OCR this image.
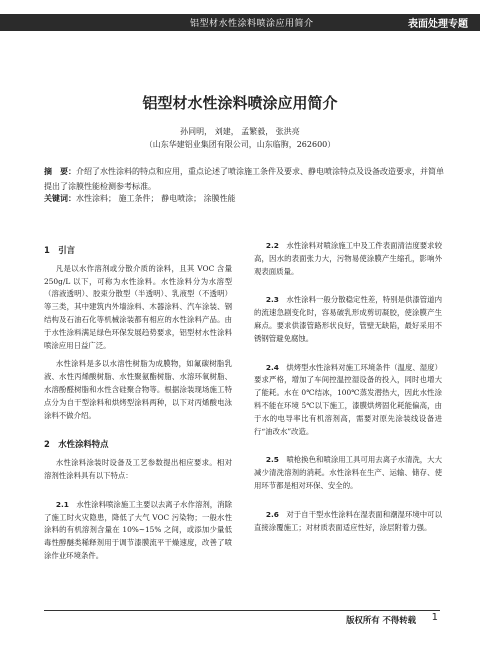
铝型材水性涂料喷涂应用简介	表面处理专题
铝型材水性涂料喷涂应用简介
孙同明， 刘建， 孟繁毅， 张洪亮
（山东华建铝业集团有限公司，山东临朐，262600）
摘　要：介绍了水性涂料的特点和应用，重点论述了喷涂施工条件及要求、静电喷涂特点及设备改造要求，并简单提出了涂膜性能检测参考标准。
关键词：水性涂料； 施工条件； 静电喷涂； 涂膜性能
1　引言

凡是以水作溶剂或分散介质的涂料，且其 VOC 含量 250g/L 以下，可称为水性涂料。水性涂料分为水溶型（溶液透明）、胶束分散型（半透明）、乳液型（不透明）等三类，其中建筑内外墙涂料、木器涂料、汽车涂装、钢结构及石油石化等机械涂装都有相应的水性涂料产品。由于水性涂料满足绿色环保发展趋势要求，铝型材水性涂料喷涂应用日益广泛。

水性涂料是多以水溶性树脂为成膜物，如氟碳树脂乳液、水性丙烯酸树脂、水性聚氨酯树脂、水溶环氧树脂、水溶酚醛树脂和水性含硅聚合物等。根据涂装现场施工特点分为自干型涂料和烘烤型涂料两种，以下对丙烯酸电泳涂料不做介绍。

2　水性涂料特点

水性涂料涂装时设备及工艺参数提出相应要求。相对溶剂性涂料具有以下特点：

2.1　 水性涂料喷涂施工主要以去离子水作溶剂，消除了施工时火灾隐患，降低了大气 VOC 污染物；一般水性涂料的有机溶剂含量在 10%~15% 之间，或添加少量低毒性醇醚类稀释剂用于调节漆膜流平干燥速度，改善了喷涂作业环境条件。

2.2　 水性涂料对喷涂施工中及工件表面清洁度要求较高，因水的表面张力大，污物易使涂膜产生缩孔，影响外观表面质量。

2.3　 水性涂料一般分散稳定性差，特别是供漆管道内的流速急剧变化时，容易破乳形成剪切凝胶，使涂膜产生麻点。要求供漆管路形状良好，管壁无缺陷，最好采用不锈钢管避免腐蚀。

2.4　 烘烤型水性涂料对施工环境条件（温度、湿度）要求严格，增加了车间控温控湿设备的投入，同时也增大了能耗。水在 0℃结冰，100℃蒸发潜热大，因此水性涂料不能在环境 5℃以下施工，漆膜烘烤固化耗能偏高，由于水的电导率比有机溶剂高，需要对原先涂装线设备进行“油改水”改造。

2.5　 喷枪换色和喷涂用工具可用去离子水清洗，大大减少清洗溶剂的消耗。水性涂料在生产、运输、储存、使用环节都是相对环保、安全的。

2.6　 对于自干型水性涂料在湿表面和潮湿环境中可以直接涂覆施工；对材质表面适应性好，涂层附着力强。

版权所有 不得转载 1
